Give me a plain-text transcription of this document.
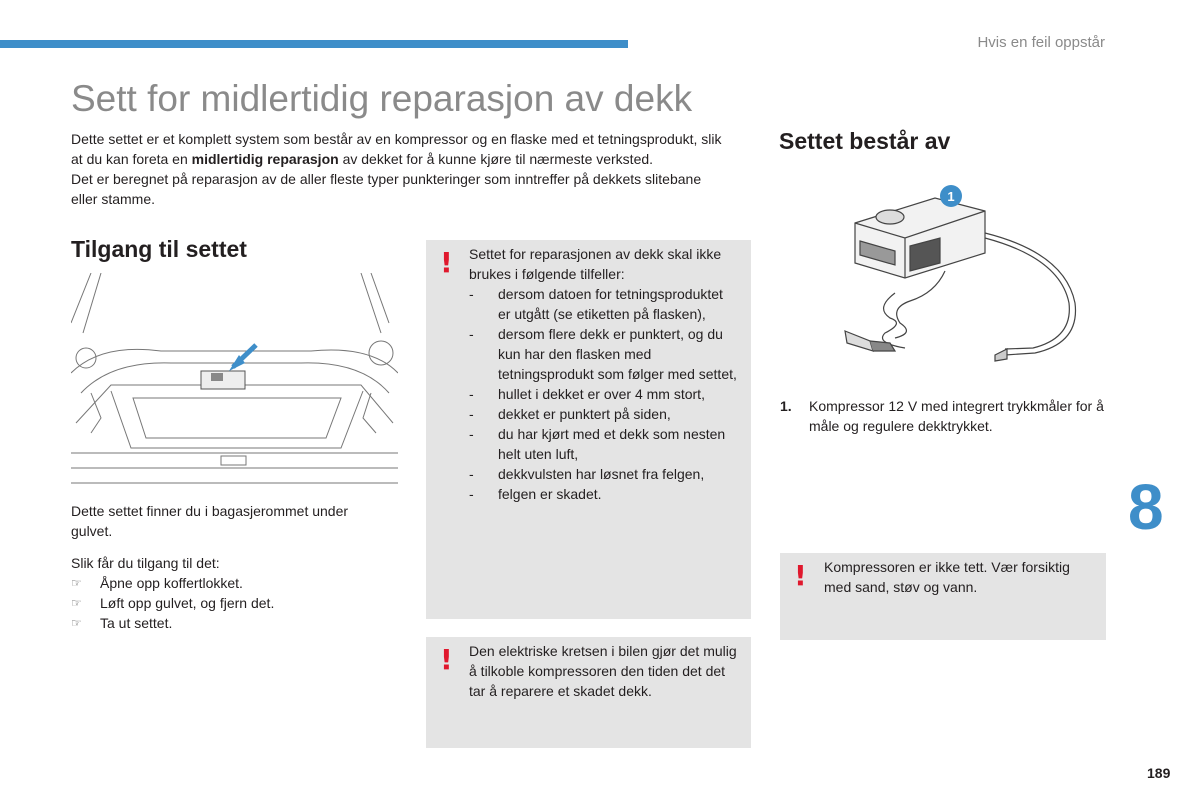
Hvis en feil oppstår
Sett for midlertidig reparasjon av dekk

Dette settet er et komplett system som består av en kompressor og en flaske med et tetningsprodukt, slik at du kan foreta en midlertidig reparasjon av dekket for å kunne kjøre til nærmeste verksted.

Det er beregnet på reparasjon av de aller fleste typer punkteringer som inntreffer på dekkets slitebane eller stamme.

Tilgang til settet

Dette settet finner du i bagasjerommet under gulvet.

Slik får du tilgang til det:

☞ Åpne opp koffertlokket.
☞ Løft opp gulvet, og fjern det.
☞ Ta ut settet.
! Settet for reparasjonen av dekk skal ikke brukes i følgende tilfeller:

- dersom datoen for tetningsproduktet er utgått (se etiketten på flasken),
- dersom flere dekk er punktert, og du kun har den flasken med tetningsprodukt som følger med settet,
- hullet i dekket er over 4 mm stort,
- dekket er punktert på siden,
- du har kjørt med et dekk som nesten helt uten luft,
- dekkvulsten har løsnet fra felgen,
- felgen er skadet.
! Den elektriske kretsen i bilen gjør det mulig å tilkoble kompressoren den tiden det det tar å reparere et skadet dekk.

Settet består av
1
1.	Kompressor 12 V med integrert trykkmåler for å måle og regulere dekktrykket.
! Kompressoren er ikke tett. Vær forsiktig med sand, støv og vann.

8
189
